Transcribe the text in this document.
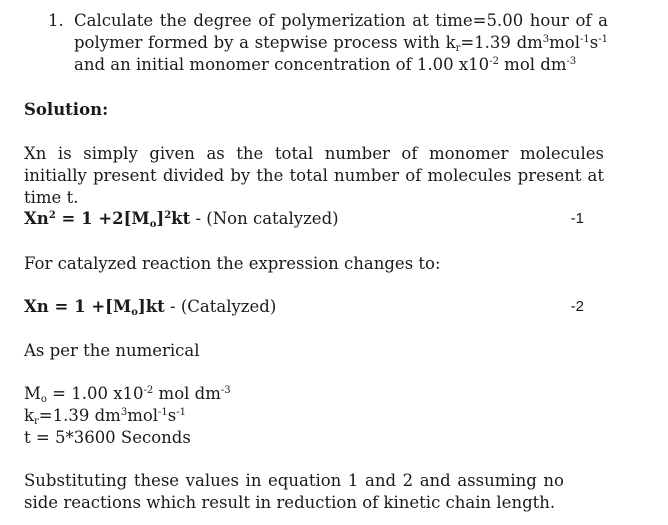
1. Calculate the degree of polymerization at time=5.00 hour of a polymer formed by a stepwise process with $k_r=1.39$ $dm^3mol^{-1}s^{-1}$ and an initial monomer concentration of 1.00 $x10^{-2}$ mol $dm^{-3}$
Solution:
Xn is simply given as the total number of monomer molecules initially present divided by the total number of molecules present at time t.
$Xn^2 = 1 +2[M_o]^2kt - (Non$ catalyzed)	-1
For catalyzed reaction the expression changes to:
$Xn = 1 +[M_o]kt$ - (Catalyzed)	-2
As per the numerical
$M_o = 1.00$ $x10^{-2}$ mol $dm^{-3}$
$k_r=1.39$ $dm^3mol^{-1}s^{-1}$
t = 5*3600 Seconds
Substituting these values in equation 1 and 2 and assuming no side reactions which result in reduction of kinetic chain length.
